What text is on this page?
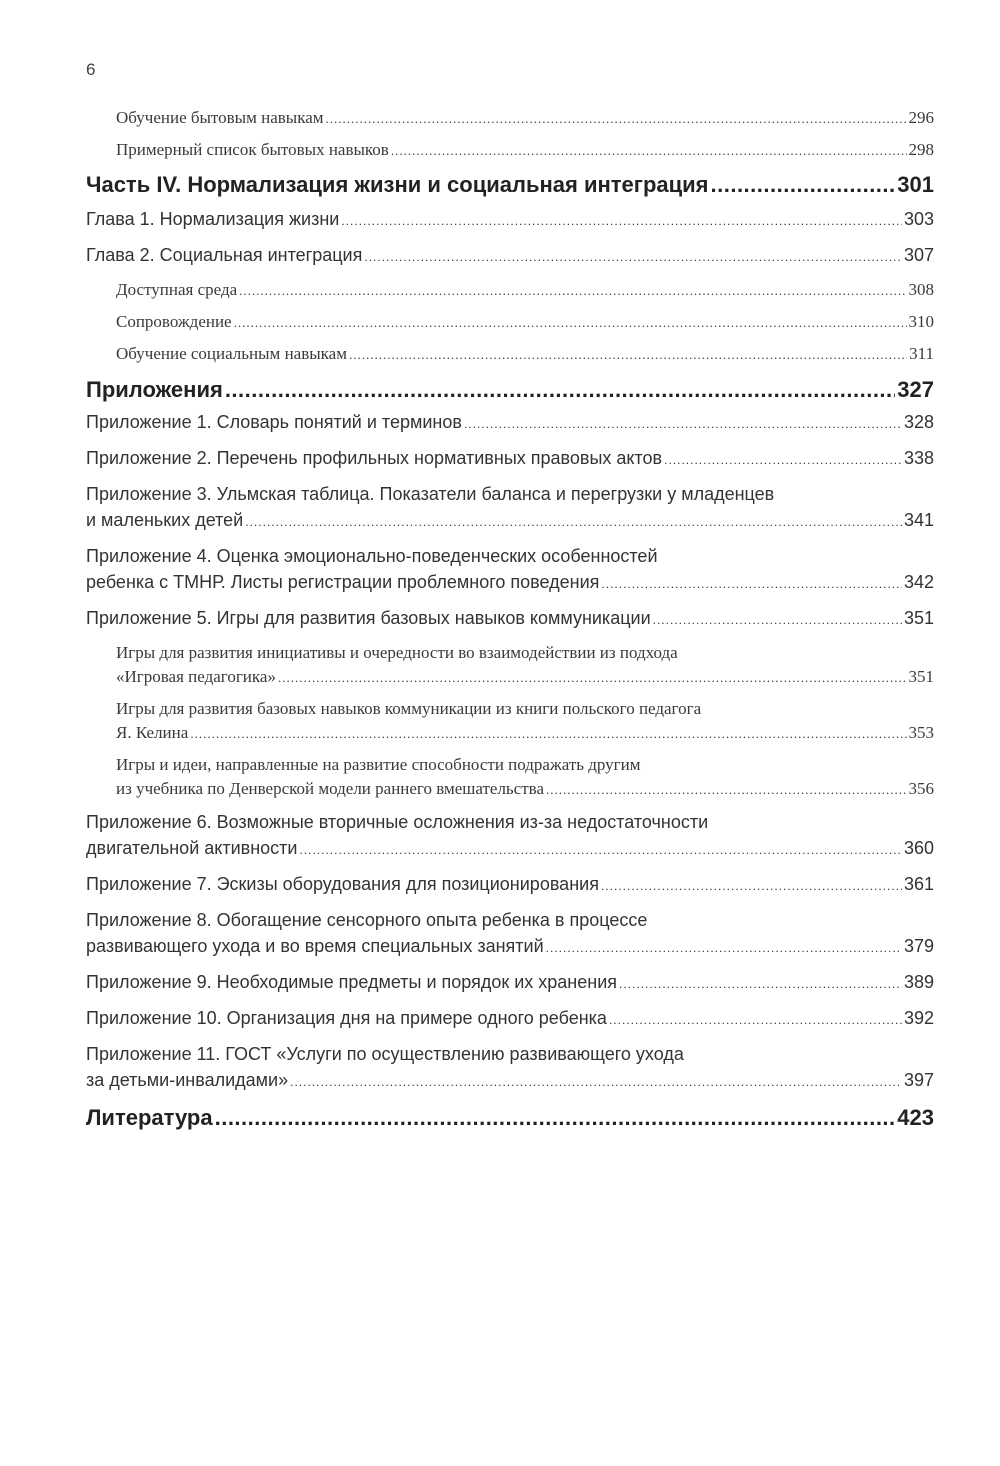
6
Обучение бытовым навыкам .....	296
Примерный список бытовых навыков .....	298
Часть IV. Нормализация жизни и социальная интеграция .....	301
Глава 1. Нормализация жизни .....	303
Глава 2. Социальная интеграция .....	307
Доступная среда .....	308
Сопровождение .....	310
Обучение социальным навыкам .....	311
Приложения .....	327
Приложение 1. Словарь понятий и терминов .....	328
Приложение 2. Перечень профильных нормативных правовых актов .....	338
Приложение 3. Ульмская таблица. Показатели баланса и перегрузки у младенцев
и маленьких детей .....	341
Приложение 4. Оценка эмоционально-поведенческих особенностей
ребенка с ТМНР. Листы регистрации проблемного поведения .....	342
Приложение 5. Игры для развития базовых навыков коммуникации .....	351
Игры для развития инициативы и очередности во взаимодействии из подхода
«Игровая педагогика» .....	351
Игры для развития базовых навыков коммуникации из книги польского педагога
Я. Келина .....	353
Игры и идеи, направленные на развитие способности подражать другим
из учебника по Денверской модели раннего вмешательства .....	356
Приложение 6. Возможные вторичные осложнения из-за недостаточности
двигательной активности .....	360
Приложение 7. Эскизы оборудования для позиционирования .....	361
Приложение 8. Обогащение сенсорного опыта ребенка в процессе
развивающего ухода и во время специальных занятий .....	379
Приложение 9. Необходимые предметы и порядок их хранения .....	389
Приложение 10. Организация дня на примере одного ребенка .....	392
Приложение 11. ГОСТ «Услуги по осуществлению развивающего ухода
за детьми-инвалидами» .....	397
Литература .....	423
